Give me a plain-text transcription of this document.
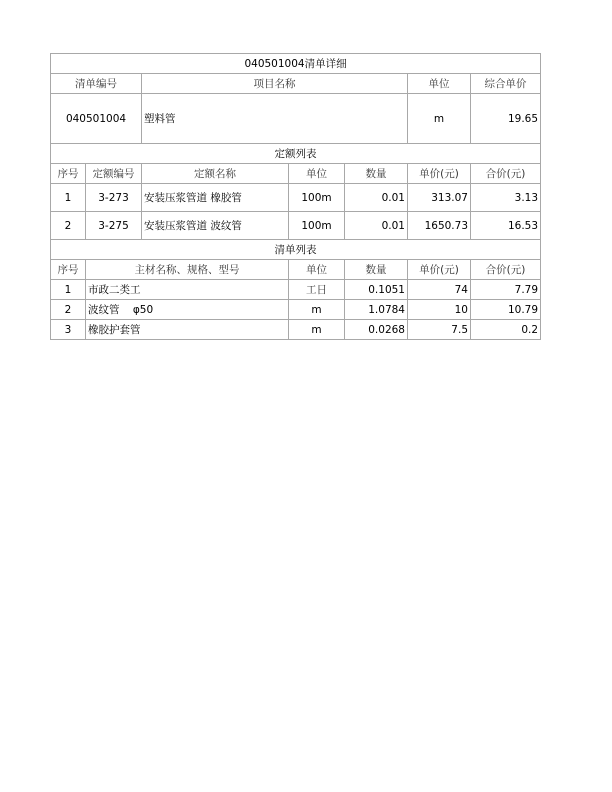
040501004清单详细						
清单编号		项目名称			单位	综合单价
040501004		塑料管			m	19.65
定额列表						
序号	定额编号	定额名称	单位	数量	单价(元)	合价(元)
1	3-273	安装压浆管道 橡胶管	100m	0.01	313.07	3.13
2	3-275	安装压浆管道 波纹管	100m	0.01	1650.73	16.53
清单列表						
序号	主材名称、规格、型号		单位	数量	单价(元)	合价(元)
1	市政二类工		工日	0.1051	74	7.79
2	波纹管    φ50		m	1.0784	10	10.79
3	橡胶护套管		m	0.0268	7.5	0.2
